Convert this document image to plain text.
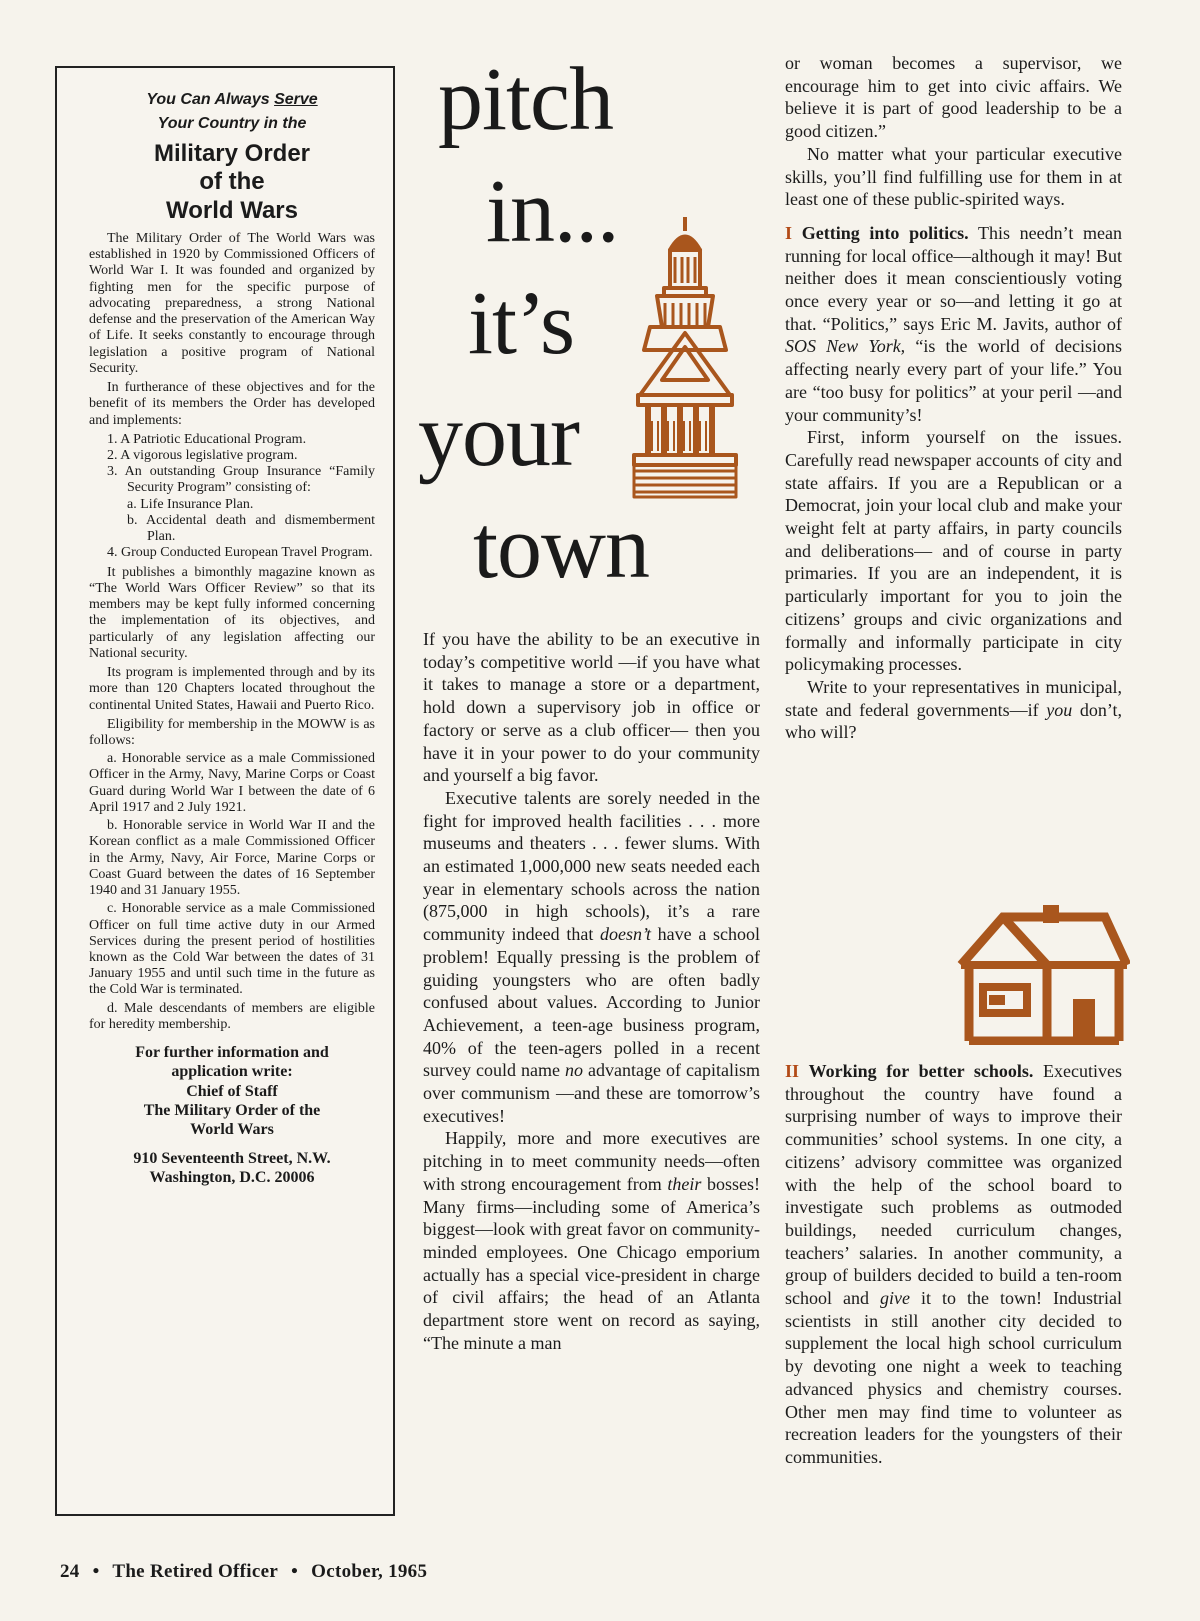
You Can Always Serve
Your Country in the
Military Order
of the
World Wars

The Military Order of The World Wars was established in 1920 by Commissioned Officers of World War I. It was founded and organized by fighting men for the specific purpose of advocating preparedness, a strong National defense and the preservation of the American Way of Life. It seeks constantly to encourage through legislation a positive program of National Security.

In furtherance of these objectives and for the benefit of its members the Order has developed and implements:

1. A Patriotic Educational Program.
2. A vigorous legislative program.
3. An outstanding Group Insurance “Family Security Program” consisting of:
a. Life Insurance Plan.
b. Accidental death and dismemberment Plan.
4. Group Conducted European Travel Program.

It publishes a bimonthly magazine known as “The World Wars Officer Review” so that its members may be kept fully informed concerning the implementation of its objectives, and particularly of any legislation affecting our National security.

Its program is implemented through and by its more than 120 Chapters located throughout the continental United States, Hawaii and Puerto Rico.

Eligibility for membership in the MOWW is as follows:

a. Honorable service as a male Commissioned Officer in the Army, Navy, Marine Corps or Coast Guard during World War I between the date of 6 April 1917 and 2 July 1921.

b. Honorable service in World War II and the Korean conflict as a male Commissioned Officer in the Army, Navy, Air Force, Marine Corps or Coast Guard between the dates of 16 September 1940 and 31 January 1955.

c. Honorable service as a male Commissioned Officer on full time active duty in our Armed Services during the present period of hostilities known as the Cold War between the dates of 31 January 1955 and until such time in the future as the Cold War is terminated.

d. Male descendants of members are eligible for heredity membership.

For further information and
application write:
Chief of Staff
The Military Order of the
World Wars
910 Seventeenth Street, N.W.
Washington, D.C. 20006
pitch
in...
it’s
your
town

If you have the ability to be an executive in today’s competitive world —if you have what it takes to manage a store or a department, hold down a supervisory job in office or factory or serve as a club officer— then you have it in your power to do your community and yourself a big favor.

Executive talents are sorely needed in the fight for improved health facilities . . . more museums and theaters . . . fewer slums. With an estimated 1,000,000 new seats needed each year in elementary schools across the nation (875,000 in high schools), it’s a rare community indeed that doesn’t have a school problem! Equally pressing is the problem of guiding youngsters who are often badly confused about values. According to Junior Achievement, a teen-age business program, 40% of the teen-agers polled in a recent survey could name no advantage of capitalism over communism —and these are tomorrow’s executives!

Happily, more and more executives are pitching in to meet community needs—often with strong encouragement from their bosses! Many firms—including some of America’s biggest—look with great favor on community-minded employees. One Chicago emporium actually has a special vice-president in charge of civil affairs; the head of an Atlanta department store went on record as saying, “The minute a man

or woman becomes a supervisor, we encourage him to get into civic affairs. We believe it is part of good leadership to be a good citizen.”

No matter what your particular executive skills, you’ll find fulfilling use for them in at least one of these public-spirited ways.

I Getting into politics. This needn’t mean running for local office—although it may! But neither does it mean conscientiously voting once every year or so—and letting it go at that. “Politics,” says Eric M. Javits, author of SOS New York, “is the world of decisions affecting nearly every part of your life.” You are “too busy for politics” at your peril —and your community’s!

First, inform yourself on the issues. Carefully read newspaper accounts of city and state affairs. If you are a Republican or a Democrat, join your local club and make your weight felt at party affairs, in party councils and deliberations— and of course in party primaries. If you are an independent, it is particularly important for you to join the citizens’ groups and civic organizations and formally and informally participate in city policymaking processes.

Write to your representatives in municipal, state and federal governments—if you don’t, who will?

II Working for better schools. Executives throughout the country have found a surprising number of ways to improve their communities’ school systems. In one city, a citizens’ advisory committee was organized with the help of the school board to investigate such problems as outmoded buildings, needed curriculum changes, teachers’ salaries. In another community, a group of builders decided to build a ten-room school and give it to the town! Industrial scientists in still another city decided to supplement the local high school curriculum by devoting one night a week to teaching advanced physics and chemistry courses. Other men may find time to volunteer as recreation leaders for the youngsters of their communities.

24 • The Retired Officer • October, 1965
